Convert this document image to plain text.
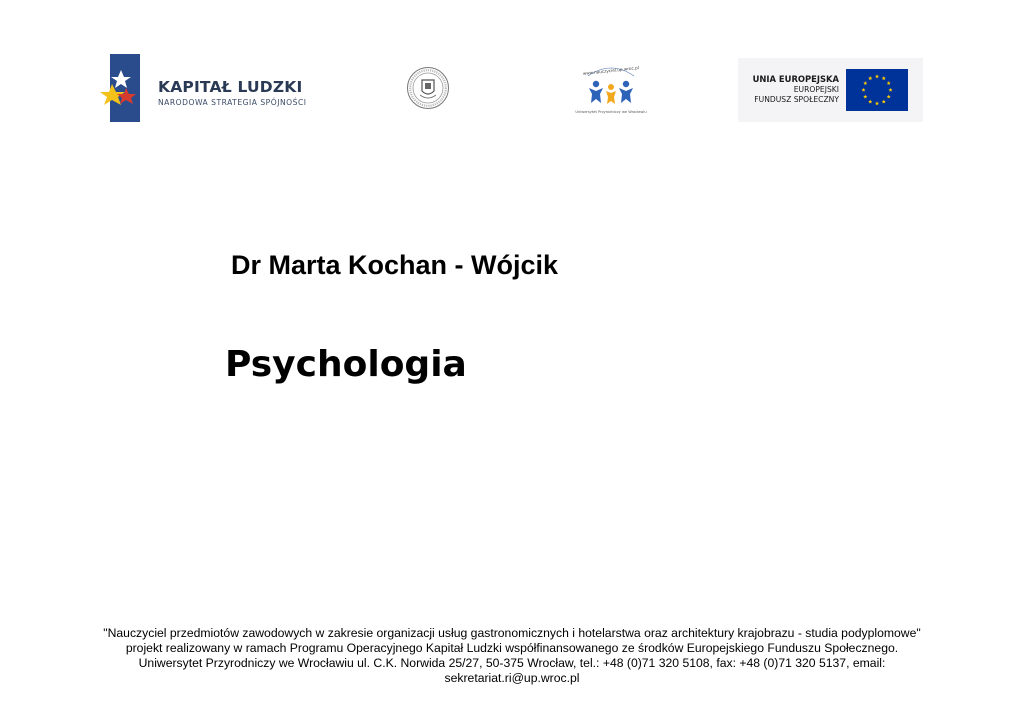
KAPITAŁ LUDZKI
NARODOWA STRATEGIA SPÓJNOŚCI
www.nauczyciel.up.wroc.pl
Uniwersytet Przyrodniczy we Wrocławiu
UNIA EUROPEJSKA
EUROPEJSKI
FUNDUSZ SPOŁECZNY
Dr Marta Kochan - Wójcik
Psychologia
"Nauczyciel przedmiotów zawodowych w zakresie organizacji usług gastronomicznych i hotelarstwa oraz architektury krajobrazu - studia podyplomowe"
projekt realizowany w ramach Programu Operacyjnego Kapitał Ludzki współfinansowanego ze środków Europejskiego Funduszu Społecznego.
Uniwersytet Przyrodniczy we Wrocławiu ul. C.K. Norwida 25/27, 50-375 Wrocław, tel.: +48 (0)71 320 5108, fax: +48 (0)71 320 5137, email:
sekretariat.ri@up.wroc.pl
